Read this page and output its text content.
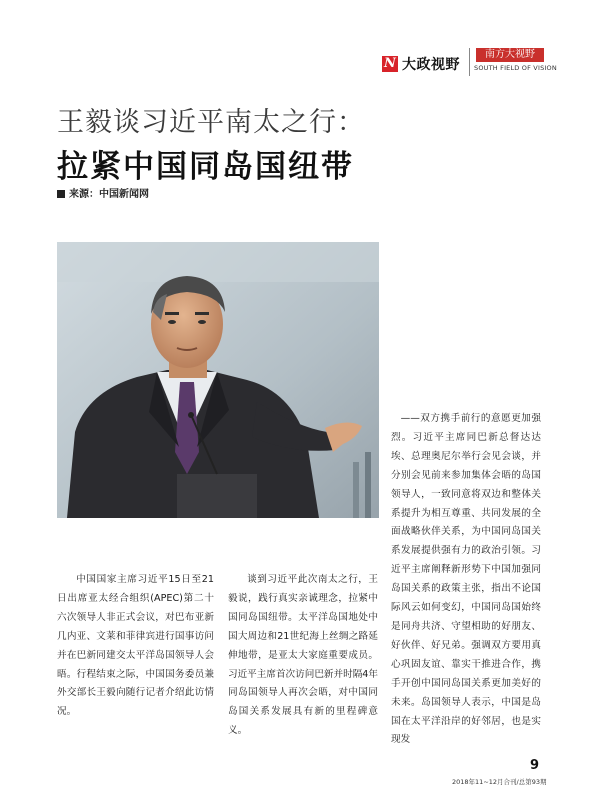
N 大政视野
南方大视野
SOUTH FIELD OF VISION
王毅谈习近平南太之行：
拉紧中国同岛国纽带
来源：中国新闻网

中国国家主席习近平15日至21日出席亚太经合组织(APEC)第二十六次领导人非正式会议，对巴布亚新几内亚、文莱和菲律宾进行国事访问并在巴新同建交太平洋岛国领导人会晤。行程结束之际，中国国务委员兼外交部长王毅向随行记者介绍此访情况。

谈到习近平此次南太之行，王毅说，践行真实亲诚理念，拉紧中国同岛国纽带。太平洋岛国地处中国大周边和21世纪海上丝绸之路延伸地带，是亚太大家庭重要成员。习近平主席首次访问巴新并时隔4年同岛国领导人再次会晤，对中国同岛国关系发展具有新的里程碑意义。

——双方携手前行的意愿更加强烈。习近平主席同巴新总督达达埃、总理奥尼尔举行会见会谈，并分别会见前来参加集体会晤的岛国领导人，一致同意将双边和整体关系提升为相互尊重、共同发展的全面战略伙伴关系，为中国同岛国关系发展提供强有力的政治引领。习近平主席阐释新形势下中国加强同岛国关系的政策主张，指出不论国际风云如何变幻，中国同岛国始终是同舟共济、守望相助的好朋友、好伙伴、好兄弟。强调双方要用真心巩固友谊、靠实干推进合作，携手开创中国同岛国关系更加美好的未来。岛国领导人表示，中国是岛国在太平洋沿岸的好邻居，也是实现发

9
2018年11~12月合刊/总第93期
